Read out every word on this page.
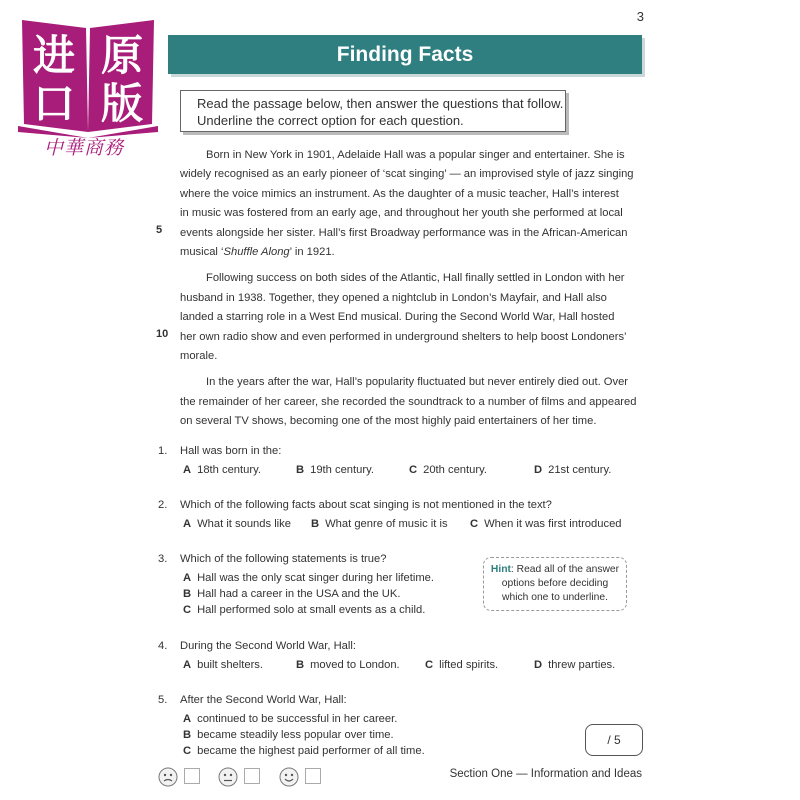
进 原
口 版
中華商務
3
Finding Facts
Read the passage below, then answer the questions that follow.
Underline the correct option for each question.

Born in New York in 1901, Adelaide Hall was a popular singer and entertainer. She is

widely recognised as an early pioneer of ‘scat singing’ — an improvised style of jazz singing

where the voice mimics an instrument. As the daughter of a music teacher, Hall’s interest

in music was fostered from an early age, and throughout her youth she performed at local

events alongside her sister. Hall’s first Broadway performance was in the African-American

musical ‘Shuffle Along’ in 1921.

5

Following success on both sides of the Atlantic, Hall finally settled in London with her

husband in 1938. Together, they opened a nightclub in London’s Mayfair, and Hall also

landed a starring role in a West End musical. During the Second World War, Hall hosted

her own radio show and even performed in underground shelters to help boost Londoners’

morale.

10

In the years after the war, Hall’s popularity fluctuated but never entirely died out. Over

the remainder of her career, she recorded the soundtrack to a number of films and appeared

on several TV shows, becoming one of the most highly paid entertainers of her time.

1. Hall was born in the:
A 18th century.	B 19th century.	C 20th century.	D 21st century.
2. Which of the following facts about scat singing is not mentioned in the text?
A What it sounds like B What genre of music it is C When it was first introduced
3. Which of the following statements is true?
A Hall was the only scat singer during her lifetime.
B Hall had a career in the USA and the UK.
C Hall performed solo at small events as a child.
Hint: Read all of the answer
options before deciding
which one to underline.
4. During the Second World War, Hall:
A built shelters.	B moved to London. C lifted spirits.	D threw parties.
5. After the Second World War, Hall:
A continued to be successful in her career.
B became steadily less popular over time.
C became the highest paid performer of all time.
/ 5
Section One — Information and Ideas
